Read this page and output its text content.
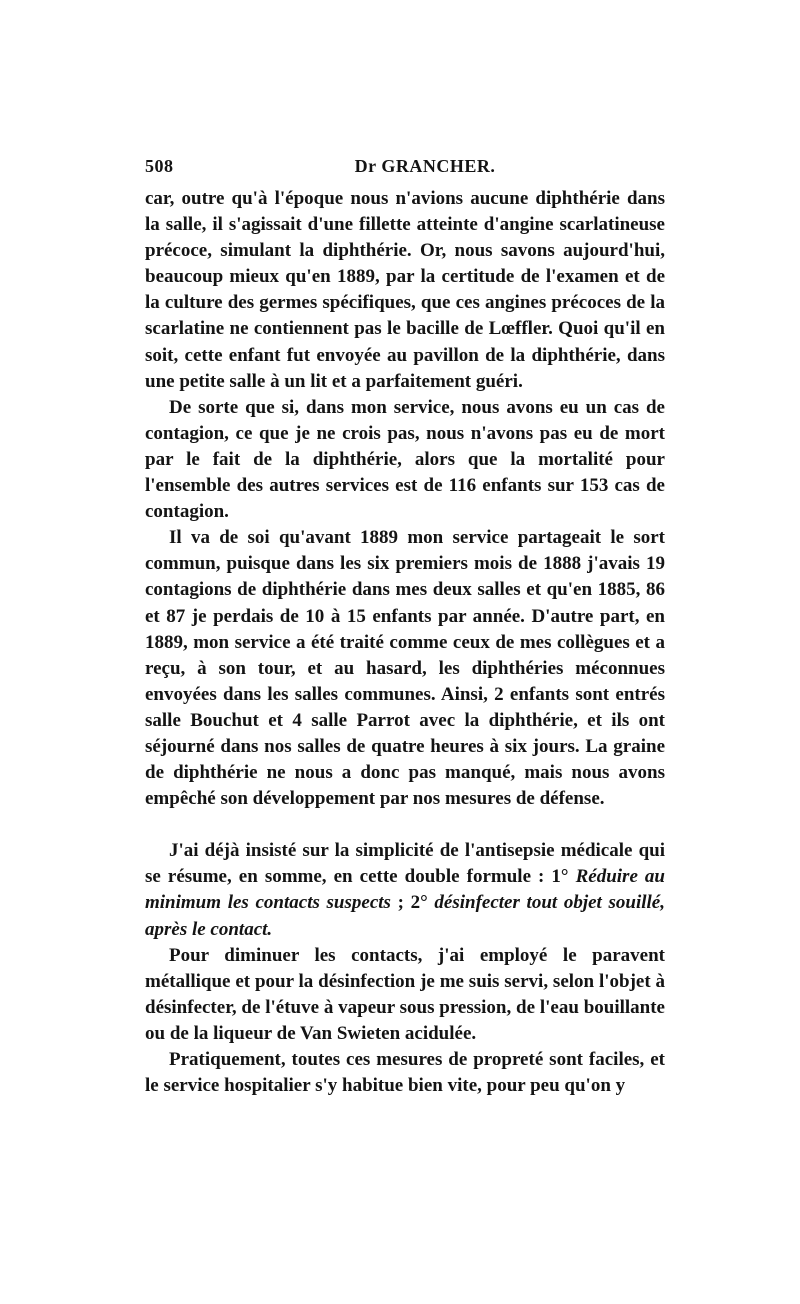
508	Dr GRANCHER.

car, outre qu'à l'époque nous n'avions aucune diphthérie dans la salle, il s'agissait d'une fillette atteinte d'angine scarlatineuse précoce, simulant la diphthérie. Or, nous savons aujourd'hui, beaucoup mieux qu'en 1889, par la certitude de l'examen et de la culture des germes spécifiques, que ces angines précoces de la scarlatine ne contiennent pas le bacille de Lœffler. Quoi qu'il en soit, cette enfant fut envoyée au pavillon de la diphthérie, dans une petite salle à un lit et a parfaitement guéri.

De sorte que si, dans mon service, nous avons eu un cas de contagion, ce que je ne crois pas, nous n'avons pas eu de mort par le fait de la diphthérie, alors que la mortalité pour l'ensemble des autres services est de 116 enfants sur 153 cas de contagion.

Il va de soi qu'avant 1889 mon service partageait le sort commun, puisque dans les six premiers mois de 1888 j'avais 19 contagions de diphthérie dans mes deux salles et qu'en 1885, 86 et 87 je perdais de 10 à 15 enfants par année. D'autre part, en 1889, mon service a été traité comme ceux de mes collègues et a reçu, à son tour, et au hasard, les diphthéries méconnues envoyées dans les salles communes. Ainsi, 2 enfants sont entrés salle Bouchut et 4 salle Parrot avec la diphthérie, et ils ont séjourné dans nos salles de quatre heures à six jours. La graine de diphthérie ne nous a donc pas manqué, mais nous avons empêché son développement par nos mesures de défense.

J'ai déjà insisté sur la simplicité de l'antisepsie médicale qui se résume, en somme, en cette double formule : 1° Réduire au minimum les contacts suspects ; 2° désinfecter tout objet souillé, après le contact.

Pour diminuer les contacts, j'ai employé le paravent métallique et pour la désinfection je me suis servi, selon l'objet à désinfecter, de l'étuve à vapeur sous pression, de l'eau bouillante ou de la liqueur de Van Swieten acidulée.

Pratiquement, toutes ces mesures de propreté sont faciles, et le service hospitalier s'y habitue bien vite, pour peu qu'on y
